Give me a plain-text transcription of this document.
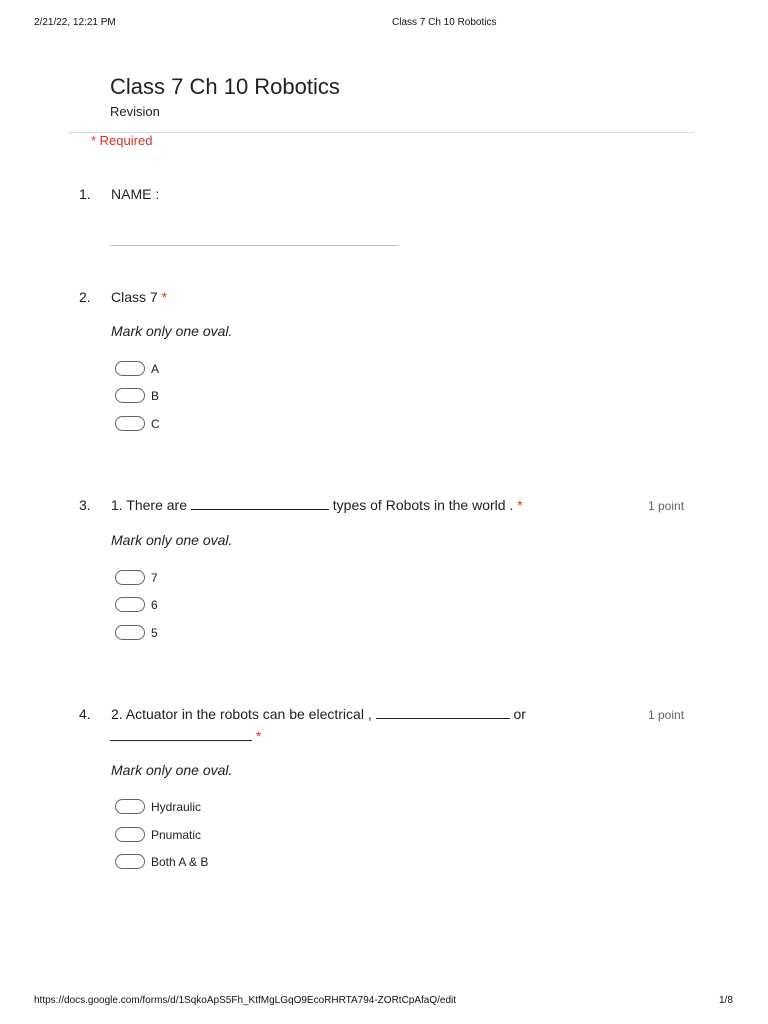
2/21/22, 12:21 PM	Class 7 Ch 10 Robotics
Class 7 Ch 10 Robotics
Revision
* Required
1. NAME :
2. Class 7 *
Mark only one oval.
A
B
C
3. 1. There are	types of Robots in the world . *	1 point
Mark only one oval.
7
6
5
4. 2. Actuator in the robots can be electrical ,	or
*
1 point
Mark only one oval.
Hydraulic
Pnumatic
Both A & B
https://docs.google.com/forms/d/1SqkoApS5Fh_KtfMgLGqO9EcoRHRTA794-ZORtCpAfaQ/edit	1/8
